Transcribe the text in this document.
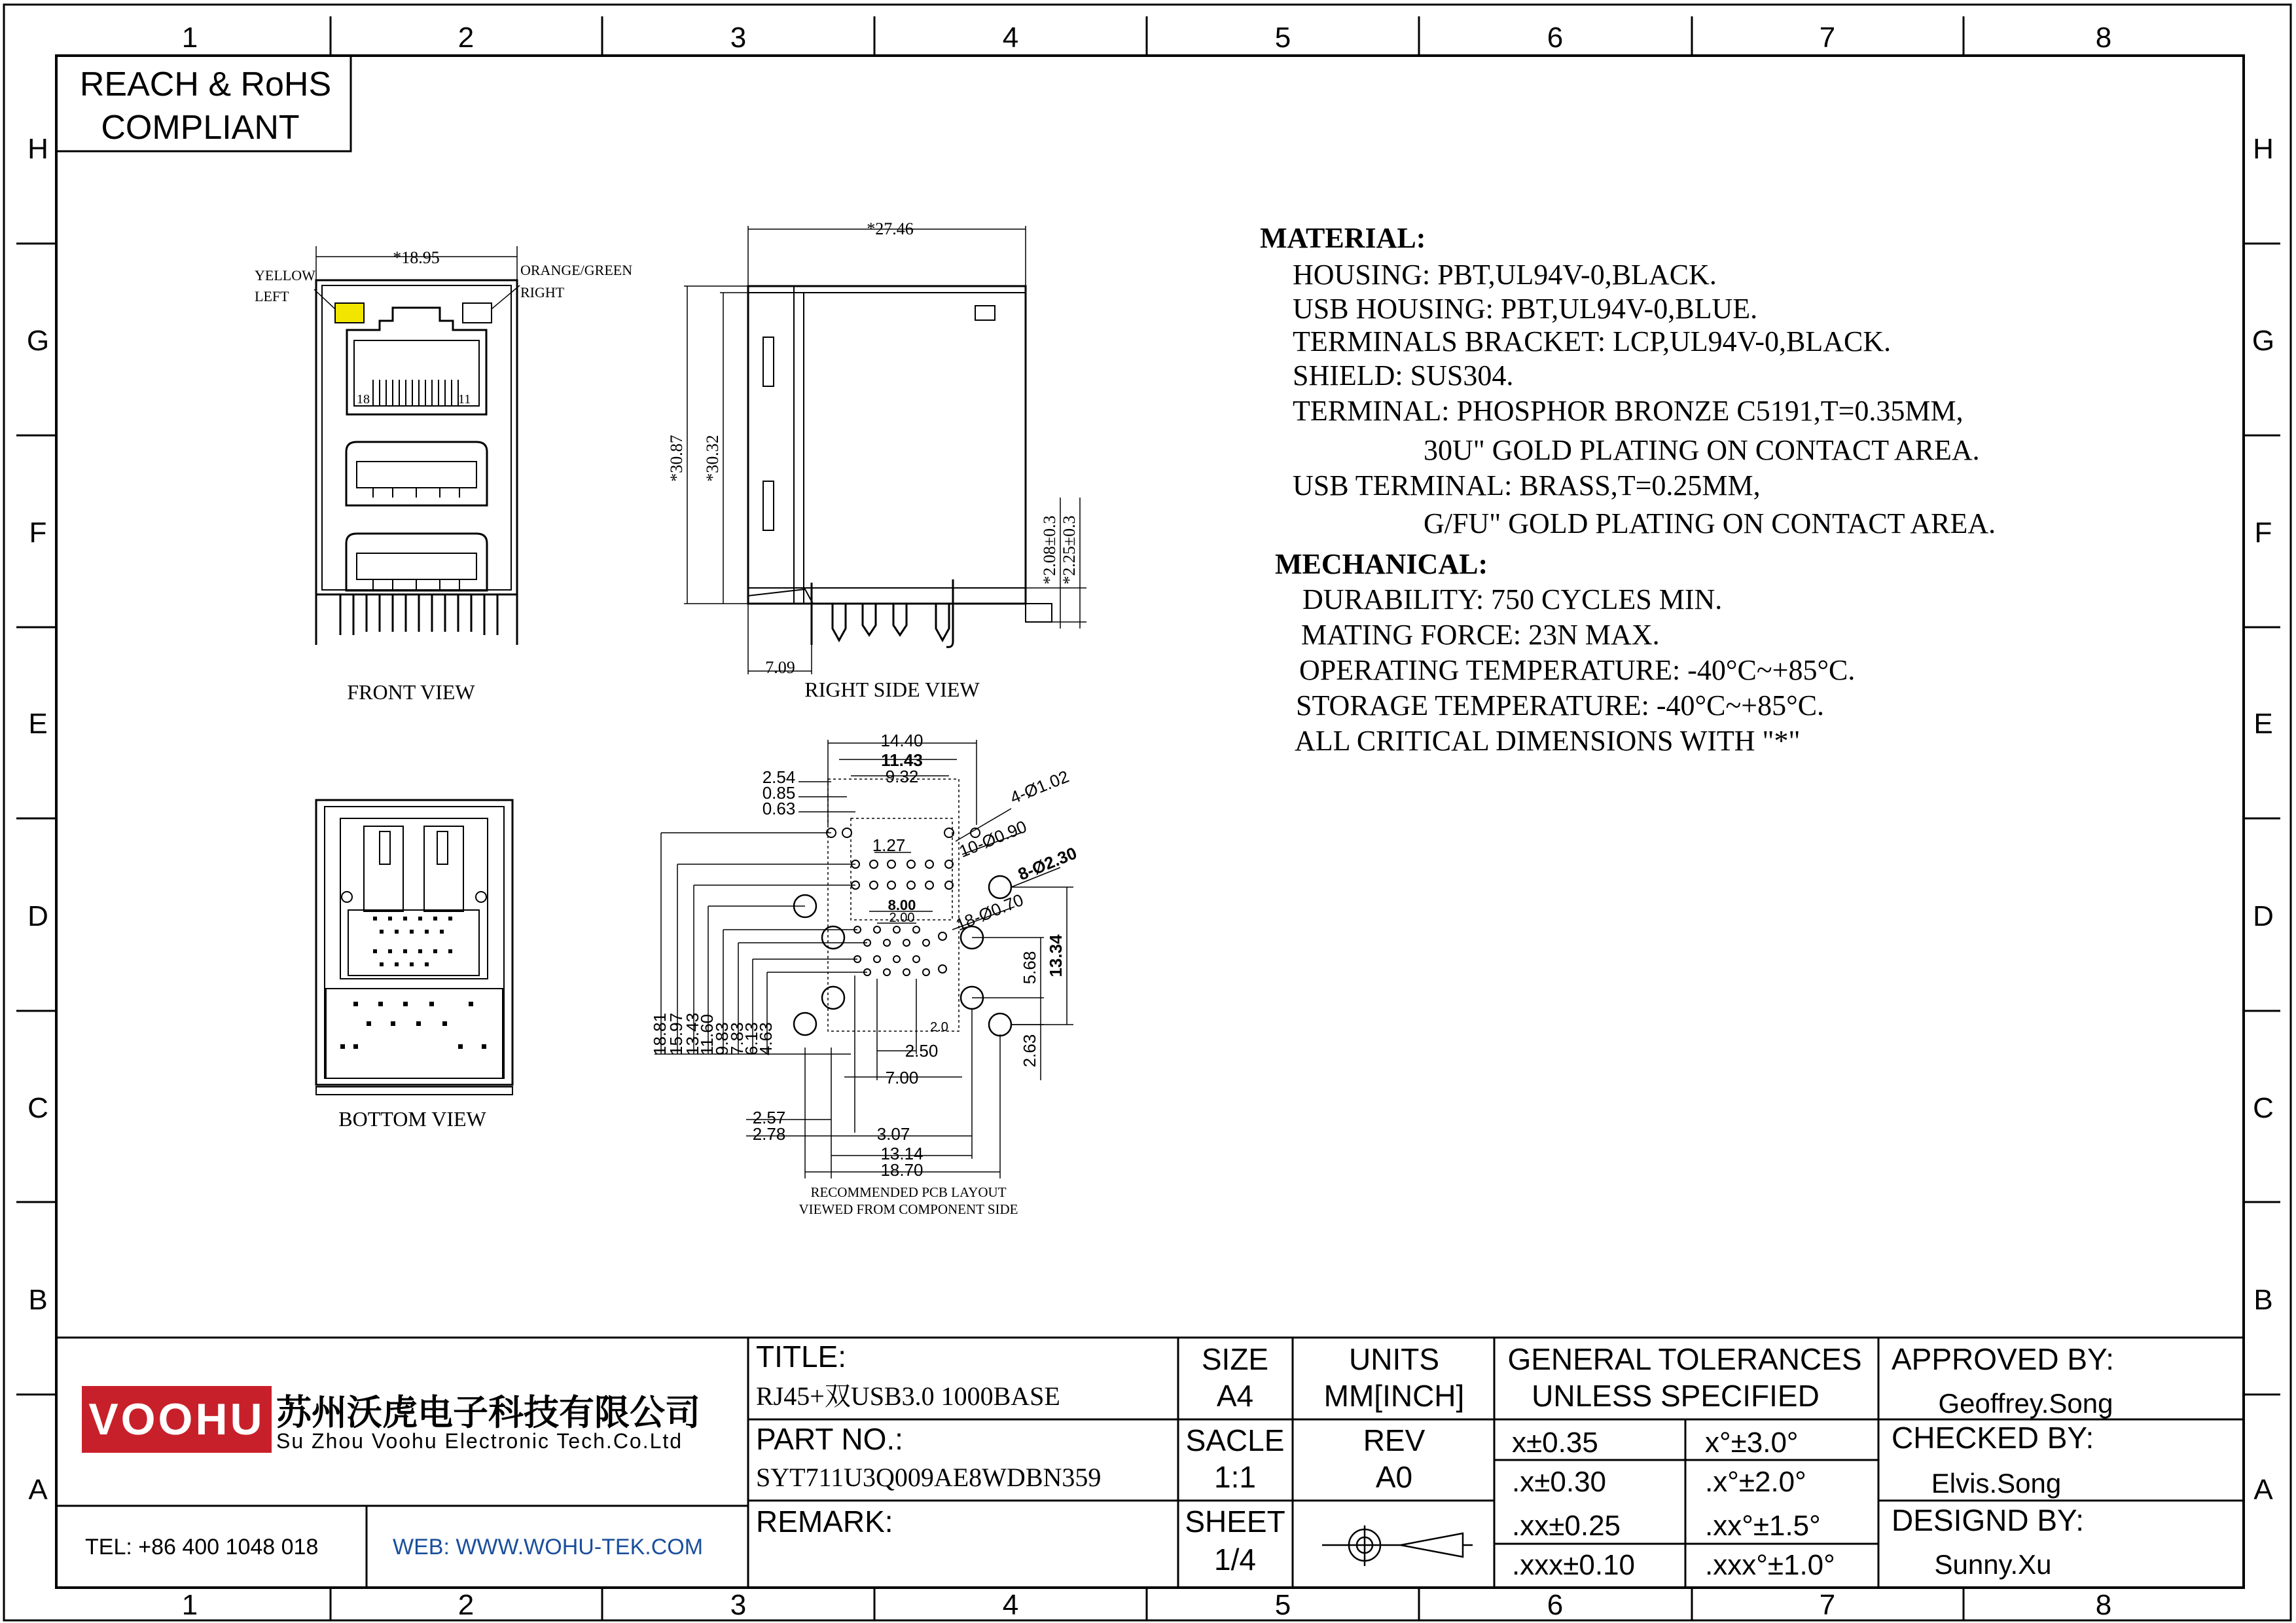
1	2	3	4	5	6	7	8
1	2	3	4	5	6	7	8
H
G
F
E
D
C
B
A
H
G
F
E
D
C
B
A
REACH & RoHS
COMPLIANT
*18.95
YELLOW
LEFT
ORANGE/GREEN
RIGHT
18	11
FRONT VIEW
*27.46
*30.87 *30.32
*2.08±0.3 *2.25±0.3
7.09
RIGHT SIDE VIEW
BOTTOM VIEW
14.40
11.43
9.32
2.54
0.85
0.63
1.27
8.00
2.00
4-Ø1.02
10-Ø0.90
8-Ø2.30
18-Ø0.70
13.34
5.68
2.63
18.81
15.97
13.43
11.60
9.83
7.83
6.13
4.63	2.50
7.00
2.0
2.57
2.78	3.07
13.14
18.70
RECOMMENDED PCB LAYOUT
VIEWED FROM COMPONENT SIDE
MATERIAL:
HOUSING: PBT,UL94V-0,BLACK.
USB HOUSING: PBT,UL94V-0,BLUE.
TERMINALS BRACKET: LCP,UL94V-0,BLACK.
SHIELD: SUS304.
TERMINAL: PHOSPHOR BRONZE C5191,T=0.35MM,
30U" GOLD PLATING ON CONTACT AREA.
USB TERMINAL: BRASS,T=0.25MM,
G/FU" GOLD PLATING ON CONTACT AREA.
MECHANICAL:
DURABILITY: 750 CYCLES MIN.
MATING FORCE: 23N MAX.
OPERATING TEMPERATURE: -40°C~+85°C.
STORAGE TEMPERATURE: -40°C~+85°C.
ALL CRITICAL DIMENSIONS WITH "*"
VOOHU 苏州沃虎电子科技有限公司
Su Zhou Voohu Electronic Tech.Co.Ltd
TEL: +86 400 1048 018	WEB: WWW.WOHU-TEK.COM
TITLE:
RJ45+双USB3.0 1000BASE
PART NO.:
SYT711U3Q009AE8WDBN359
REMARK:
SIZE
A4
UNITS
MM[INCH]
SACLE
1:1
REV
A0
SHEET
1/4
GENERAL TOLERANCES
UNLESS SPECIFIED
x±0.35	x°±3.0°
.x±0.30	.x°±2.0°
.xx±0.25	.xx°±1.5°
.xxx±0.10 .xxx°±1.0°
APPROVED BY:
Geoffrey.Song
CHECKED BY:
Elvis.Song
DESIGND BY:
Sunny.Xu
